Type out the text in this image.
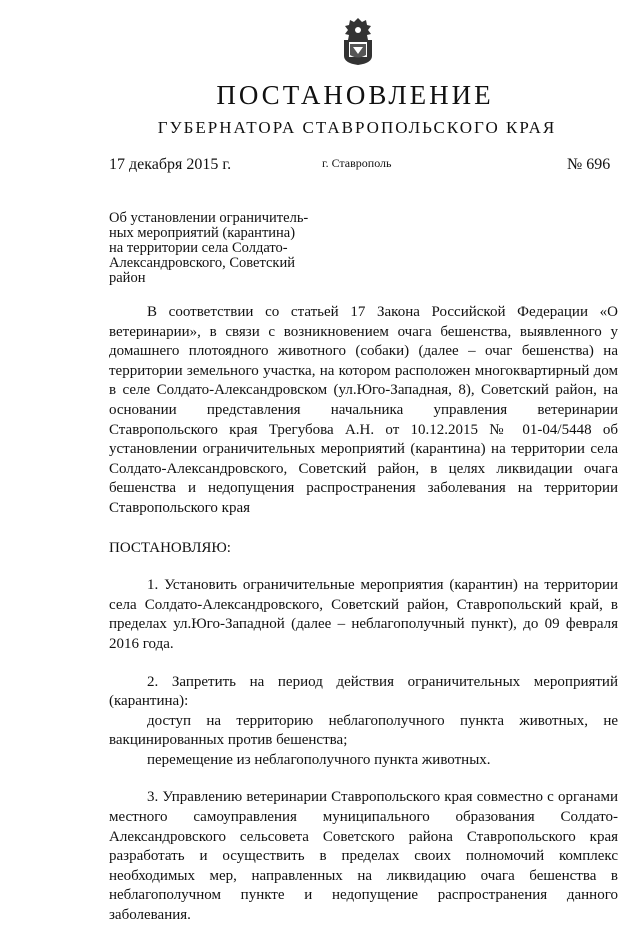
ПОСТАНОВЛЕНИЕ
ГУБЕРНАТОРА СТАВРОПОЛЬСКОГО КРАЯ
17 декабря 2015 г.	г. Ставрополь	№ 696
Об установлении ограничитель-
ных мероприятий (карантина)
на территории села Солдато-
Александровского, Советский
район

В соответствии со статьей 17 Закона Российской Федерации «О ветеринарии», в связи с возникновением очага бешенства, выявленного у домашнего плотоядного животного (собаки) (далее – очаг бешенства) на территории земельного участка, на котором расположен многоквартирный дом в селе Солдато-Александровском (ул.Юго-Западная, 8), Советский район, на основании представления начальника управления ветеринарии Ставропольского края Трегубова А.Н. от 10.12.2015 № 01-04/5448 об установлении ограничительных мероприятий (карантина) на территории села Солдато-Александровского, Советский район, в целях ликвидации очага бешенства и недопущения распространения заболевания на территории Ставропольского края

ПОСТАНОВЛЯЮ:

1. Установить ограничительные мероприятия (карантин) на территории села Солдато-Александровского, Советский район, Ставропольский край, в пределах ул.Юго-Западной (далее – неблагополучный пункт), до 09 февраля 2016 года.

2. Запретить на период действия ограничительных мероприятий (карантина):

доступ на территорию неблагополучного пункта животных, не вакцинированных против бешенства;

перемещение из неблагополучного пункта животных.

3. Управлению ветеринарии Ставропольского края совместно с органами местного самоуправления муниципального образования Солдато-Александровского сельсовета Советского района Ставропольского края разработать и осуществить в пределах своих полномочий комплекс необходимых мер, направленных на ликвидацию очага бешенства в неблагополучном пункте и недопущение распространения данного заболевания.
